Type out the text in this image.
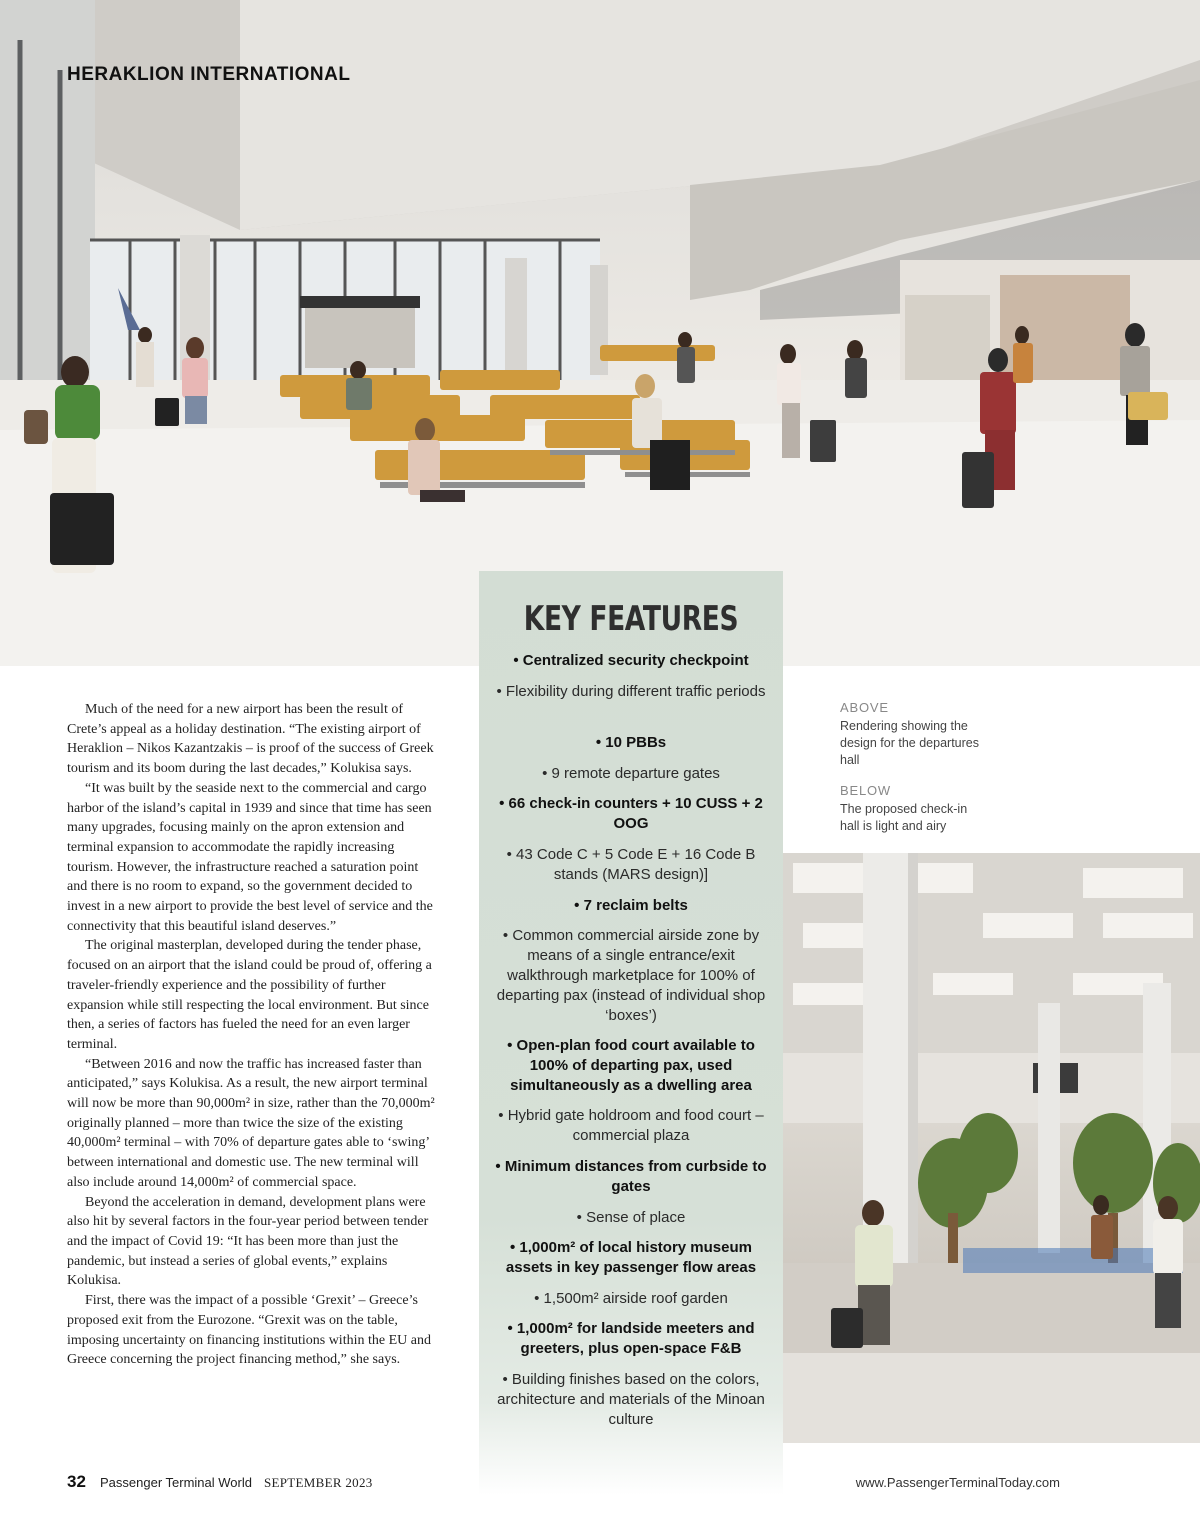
HERAKLION INTERNATIONAL
KEY FEATURES
• Centralized security checkpoint
• Flexibility during different traffic periods
• 10 PBBs
• 9 remote departure gates
• 66 check-in counters + 10 CUSS + 2 OOG
• 43 Code C + 5 Code E + 16 Code B stands (MARS design)]
• 7 reclaim belts
• Common commercial airside zone by means of a single entrance/exit walkthrough marketplace for 100% of departing pax (instead of individual shop ‘boxes’)
• Open-plan food court available to 100% of departing pax, used simultaneously as a dwelling area
• Hybrid gate holdroom and food court – commercial plaza
• Minimum distances from curbside to gates
• Sense of place
• 1,000m² of local history museum assets in key passenger flow areas
• 1,500m² airside roof garden
• 1,000m² for landside meeters and greeters, plus open-space F&B
• Building finishes based on the colors, architecture and materials of the Minoan culture

Much of the need for a new airport has been the result of Crete’s appeal as a holiday destination. “The existing airport of Heraklion – Nikos Kazantzakis – is proof of the success of Greek tourism and its boom during the last decades,” Kolukisa says.

“It was built by the seaside next to the commercial and cargo harbor of the island’s capital in 1939 and since that time has seen many upgrades, focusing mainly on the apron extension and terminal expansion to accommodate the rapidly increasing tourism. However, the infrastructure reached a saturation point and there is no room to expand, so the government decided to invest in a new airport to provide the best level of service and the connectivity that this beautiful island deserves.”

The original masterplan, developed during the tender phase, focused on an airport that the island could be proud of, offering a traveler-friendly experience and the possibility of further expansion while still respecting the local environment. But since then, a series of factors has fueled the need for an even larger terminal.

“Between 2016 and now the traffic has increased faster than anticipated,” says Kolukisa. As a result, the new airport terminal will now be more than 90,000m² in size, rather than the 70,000m² originally planned – more than twice the size of the existing 40,000m² terminal – with 70% of departure gates able to ‘swing’ between international and domestic use. The new terminal will also include around 14,000m² of commercial space.

Beyond the acceleration in demand, development plans were also hit by several factors in the four-year period between tender and the impact of Covid 19: “It has been more than just the pandemic, but instead a series of global events,” explains Kolukisa.

First, there was the impact of a possible ‘Grexit’ – Greece’s proposed exit from the Eurozone. “Grexit was on the table, imposing uncertainty on financing institutions within the EU and Greece concerning the project financing method,” she says.

ABOVE
Rendering showing the design for the departures hall
BELOW
The proposed check-in hall is light and airy
32 Passenger Terminal World SEPTEMBER 2023	www.PassengerTerminalToday.com
